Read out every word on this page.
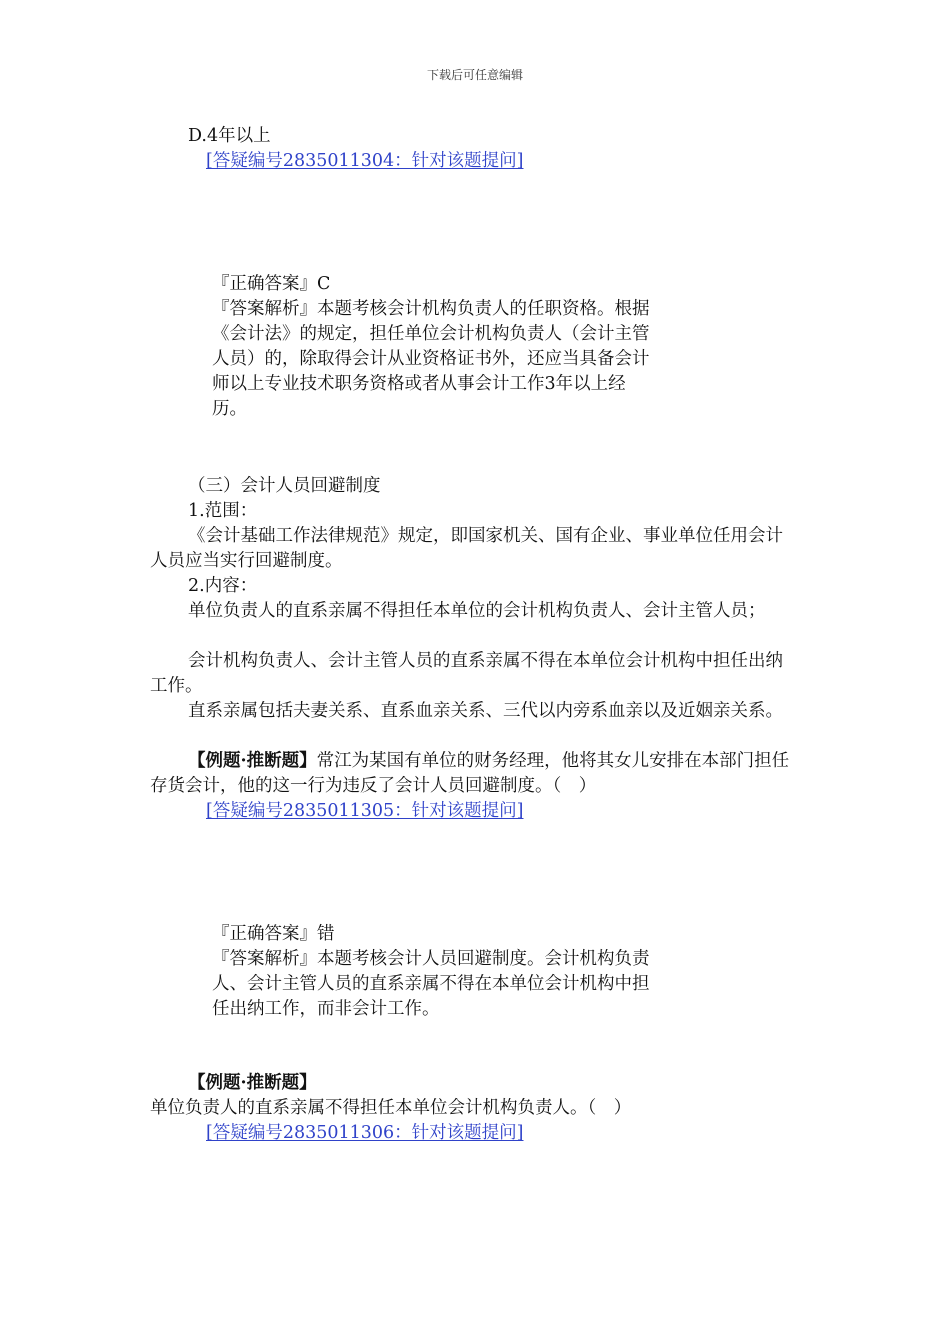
下载后可任意编辑
D.4年以上
[答疑编号2835011304：针对该题提问]
『正确答案』C
『答案解析』本题考核会计机构负责人的任职资格。根据
《会计法》的规定，担任单位会计机构负责人（会计主管
人员）的，除取得会计从业资格证书外，还应当具备会计
师以上专业技术职务资格或者从事会计工作3年以上经
历。
（三）会计人员回避制度
1.范围：
《会计基础工作法律规范》规定，即国家机关、国有企业、事业单位任用会计人员应当实行回避制度。
2.内容：
单位负责人的直系亲属不得担任本单位的会计机构负责人、会计主管人员；
会计机构负责人、会计主管人员的直系亲属不得在本单位会计机构中担任出纳工作。
直系亲属包括夫妻关系、直系血亲关系、三代以内旁系血亲以及近姻亲关系。
【例题·推断题】常江为某国有单位的财务经理，他将其女儿安排在本部门担任存货会计，他的这一行为违反了会计人员回避制度。（　）
[答疑编号2835011305：针对该题提问]
『正确答案』错
『答案解析』本题考核会计人员回避制度。会计机构负责
人、会计主管人员的直系亲属不得在本单位会计机构中担
任出纳工作，而非会计工作。
【例题·推断题】单位负责人的直系亲属不得担任本单位会计机构负责人。（　）
[答疑编号2835011306：针对该题提问]
